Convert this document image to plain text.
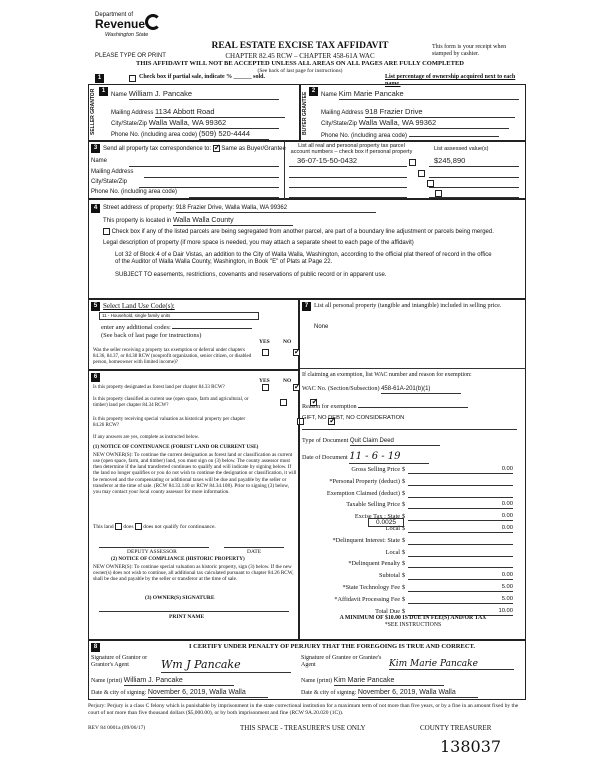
Department of
Revenue
Washington State
PLEASE TYPE OR PRINT
REAL ESTATE EXCISE TAX AFFIDAVIT
CHAPTER 82.45 RCW – CHAPTER 458-61A WAC
THIS AFFIDAVIT WILL NOT BE ACCEPTED UNLESS ALL AREAS ON ALL PAGES ARE FULLY COMPLETED
(See back of last page for instructions)
This form is your receipt when stamped by cashier.
1	Check box if partial sale, indicate % ______ sold.	List percentage of ownership acquired next to each name.
SELLER GRANTOR 1
Name William J. Pancake
Mailing Address 1134 Abbott Road
City/State/Zip Walla Walla, WA 99362
Phone No. (including area code) (509) 520-4444	BUYER GRANTEE
2
Name Kim Marie Pancake
Mailing Address 918 Frazier Drive
City/State/Zip Walla Walla, WA 99362
Phone No. (including area code)
3 Send all property tax correspondence to: ✓ Same as Buyer/Grantee
Name
Mailing Address
City/State/Zip
Phone No. (including area code)
List all real and personal property tax parcel account numbers – check box if personal property
List assessed value(s)
36-07-15-50-0432	$245,890

4 Street address of property: 918 Frazier Drive, Walla Walla, WA 99362
This property is located in Walla Walla County
Check box if any of the listed parcels are being segregated from another parcel, are part of a boundary line adjustment or parcels being merged.
Legal description of property (if more space is needed, you may attach a separate sheet to each page of the affidavit)
Lot 32 of Block 4 of e Dair Vistas, an addition to the City of Walla Walla, Washington, according to the official plat thereof of record in the office of the Auditor of Walla Walla County, Washington, in Book "E" of Plats at Page 22.
SUBJECT TO easements, restrictions, covenants and reservations of public record or in apparent use.
5 Select Land Use Code(s):
11 - Household, single family units
enter any additional codes:
(See back of last page for instructions)
YES NO
Was the seller receiving a property tax exemption or deferral under chapters 84.36, 84.37, or 84.38 RCW (nonprofit organization, senior citizen, or disabled person, homeowner with limited income)?
✓
6
YES NO
Is this property designated as forest land per chapter 84.33 RCW?
✓
Is this property classified as current use (open space, farm and agricultural, or timber) land per chapter 84.34 RCW?
✓
Is this property receiving special valuation as historical property per chapter 84.26 RCW?
✓
If any answers are yes, complete as instructed below.
(1) NOTICE OF CONTINUANCE (FOREST LAND OR CURRENT USE)
NEW OWNER(S): To continue the current designation as forest land or classification as current use (open space, farm, and timber) land, you must sign on (3) below. The county assessor must then determine if the land transferred continues to qualify and will indicate by signing below. If the land no longer qualifies or you do not wish to continue the designation or classification, it will be removed and the compensating or additional taxes will be due and payable by the seller or transferor at the time of sale. (RCW 84.33.140 or RCW 84.34.108). Prior to signing (3) below, you may contact your local county assessor for more information.
This land does does not qualify for continuance.
DEPUTY ASSESSOR	DATE
(2) NOTICE OF COMPLIANCE (HISTORIC PROPERTY)
NEW OWNER(S): To continue special valuation as historic property, sign (3) below. If the new owner(s) does not wish to continue, all additional tax calculated pursuant to chapter 84.26 RCW, shall be due and payable by the seller or transferor at the time of sale.
(3) OWNER(S) SIGNATURE
PRINT NAME
7 List all personal property (tangible and intangible) included in selling price.
None
If claiming an exemption, list WAC number and reason for exemption:
WAC No. (Section/Subsection) 458-61A-201(b)(1)
Reason for exemption
GIFT, NO DEBT, NO CONSIDERATION
Type of Document Quit Claim Deed
Date of Document 11 - 6 - 19
Gross Selling Price $	0.00
*Personal Property (deduct) $
Exemption Claimed (deduct) $
Taxable Selling Price $	0.00
Excise Tax : State $	0.00
Local $	0.00
*Delinquent Interest: State $
Local $
*Delinquent Penalty $
Subtotal $	0.00
*State Technology Fee $	5.00
*Affidavit Processing Fee $	5.00
Total Due $	10.00
0.0025
A MINIMUM OF $10.00 IS DUE IN FEE(S) AND/OR TAX
*SEE INSTRUCTIONS
8	I CERTIFY UNDER PENALTY OF PERJURY THAT THE FOREGOING IS TRUE AND CORRECT.
Signature of Grantor or Grantor's Agent	Wm J Pancake	Signature of Grantee or Grantee's Agent	Kim Marie Pancake
Name (print) William J. Pancake	Name (print) Kim Marie Pancake
Date & city of signing: November 6, 2019, Walla Walla	Date & city of signing: November 6, 2019, Walla Walla
Perjury: Perjury is a class C felony which is punishable by imprisonment in the state correctional institution for a maximum term of not more than five years, or by a fine in an amount fixed by the court of not more than five thousand dollars ($5,000.00), or by both imprisonment and fine (RCW 9A.20.020 (1C)).
REV 84 0001a (09/06/17)	THIS SPACE - TREASURER'S USE ONLY	COUNTY TREASURER
138037
